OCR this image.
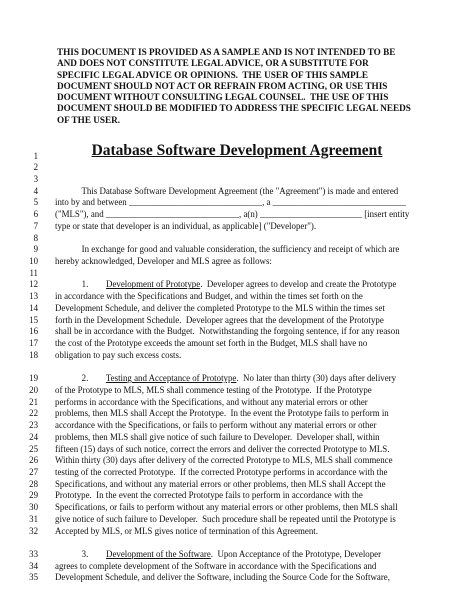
THIS DOCUMENT IS PROVIDED AS A SAMPLE AND IS NOT INTENDED TO BE
AND DOES NOT CONSTITUTE LEGAL ADVICE, OR A SUBSTITUTE FOR
SPECIFIC LEGAL ADVICE OR OPINIONS.  THE USER OF THIS SAMPLE
DOCUMENT SHOULD NOT ACT OR REFRAIN FROM ACTING, OR USE THIS
DOCUMENT WITHOUT CONSULTING LEGAL COUNSEL.  THE USE OF THIS
DOCUMENT SHOULD BE MODIFIED TO ADDRESS THE SPECIFIC LEGAL NEEDS
OF THE USER.
Database Software Development Agreement
1
2
3
4 This Database Software Development Agreement (the "Agreement") is made and entered
5 into by and between ______________________________, a ______________________________
6 ("MLS"), and ______________________________, a(n) _______________________ [insert entity
7 type or state that developer is an individual, as applicable] ("Developer").
8
9 In exchange for good and valuable consideration, the sufficiency and receipt of which are
10 hereby acknowledged, Developer and MLS agree as follows:
11
12 1.        Development of Prototype.  Developer agrees to develop and create the Prototype
13 in accordance with the Specifications and Budget, and within the times set forth on the
14 Development Schedule, and deliver the completed Prototype to the MLS within the times set
15 forth in the Development Schedule.  Developer agrees that the development of the Prototype
16 shall be in accordance with the Budget.  Notwithstanding the forgoing sentence, if for any reason
17 the cost of the Prototype exceeds the amount set forth in the Budget, MLS shall have no
18 obligation to pay such excess costs.
19 2.        Testing and Acceptance of Prototype.  No later than thirty (30) days after delivery
20 of the Prototype to MLS, MLS shall commence testing of the Prototype.  If the Prototype
21 performs in accordance with the Specifications, and without any material errors or other
22 problems, then MLS shall Accept the Prototype.  In the event the Prototype fails to perform in
23 accordance with the Specifications, or fails to perform without any material errors or other
24 problems, then MLS shall give notice of such failure to Developer.  Developer shall, within
25 fifteen (15) days of such notice, correct the errors and deliver the corrected Prototype to MLS.
26 Within thirty (30) days after delivery of the corrected Prototype to MLS, MLS shall commence
27 testing of the corrected Prototype.  If the corrected Prototype performs in accordance with the
28 Specifications, and without any material errors or other problems, then MLS shall Accept the
29 Prototype.  In the event the corrected Prototype fails to perform in accordance with the
30 Specifications, or fails to perform without any material errors or other problems, then MLS shall
31 give notice of such failure to Developer.  Such procedure shall be repeated until the Prototype is
32 Accepted by MLS, or MLS gives notice of termination of this Agreement.
33 3.        Development of the Software.  Upon Acceptance of the Prototype, Developer
34 agrees to complete development of the Software in accordance with the Specifications and
35 Development Schedule, and deliver the Software, including the Source Code for the Software,
